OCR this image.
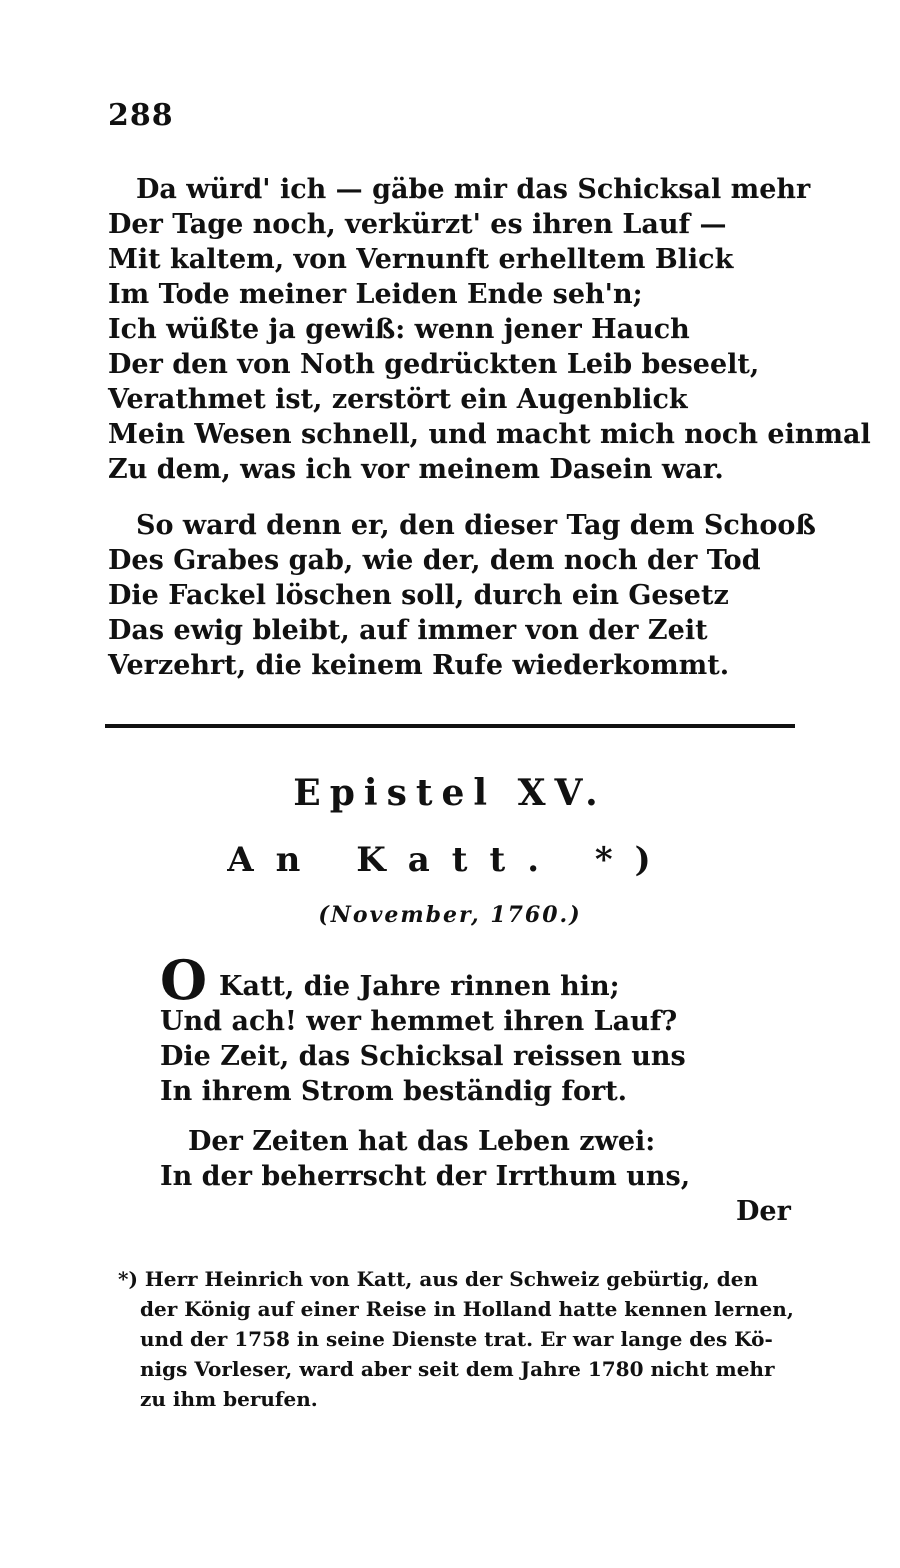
288
Da würd' ich — gäbe mir das Schicksal mehr
Der Tage noch, verkürzt' es ihren Lauf —
Mit kaltem, von Vernunft erhelltem Blick
Im Tode meiner Leiden Ende seh'n;
Ich wüßte ja gewiß: wenn jener Hauch
Der den von Noth gedrückten Leib beseelt,
Verathmet ist, zerstört ein Augenblick
Mein Wesen schnell, und macht mich noch einmal
Zu dem, was ich vor meinem Dasein war.
So ward denn er, den dieser Tag dem Schooß
Des Grabes gab, wie der, dem noch der Tod
Die Fackel löschen soll, durch ein Gesetz
Das ewig bleibt, auf immer von der Zeit
Verzehrt, die keinem Rufe wiederkommt.
Epistel XV.
An Katt. *)
(November, 1760.)
O Katt, die Jahre rinnen hin;
Und ach! wer hemmet ihren Lauf?
Die Zeit, das Schicksal reissen uns
In ihrem Strom beständig fort.
Der Zeiten hat das Leben zwei:
In der beherrscht der Irrthum uns,
Der
*) Herr Heinrich von Katt, aus der Schweiz gebürtig, den
der König auf einer Reise in Holland hatte kennen lernen,
und der 1758 in seine Dienste trat. Er war lange des Kö-
nigs Vorleser, ward aber seit dem Jahre 1780 nicht mehr
zu ihm berufen.
